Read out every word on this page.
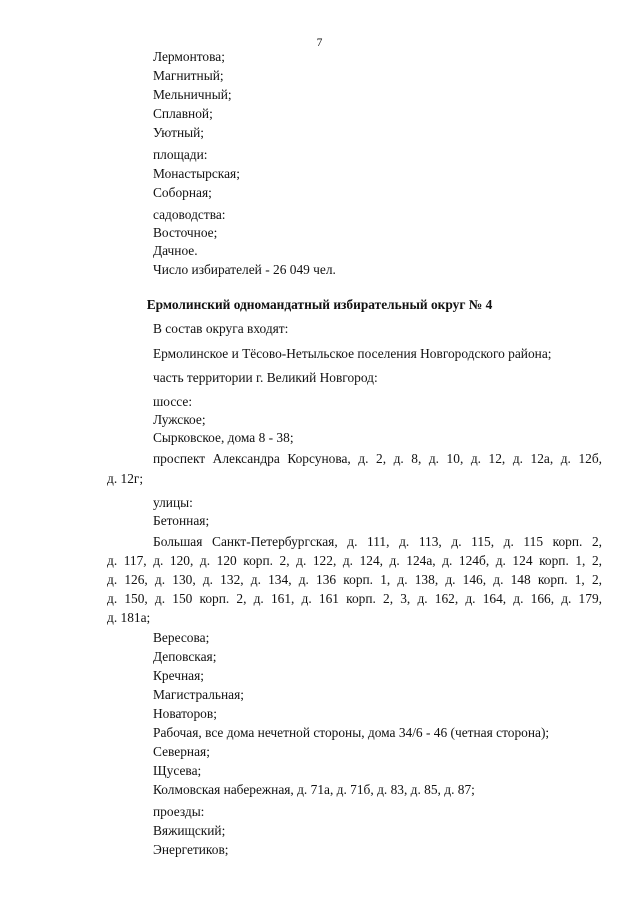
7
Лермонтова;
Магнитный;
Мельничный;
Сплавной;
Уютный;
площади:
Монастырская;
Соборная;
садоводства:
Восточное;
Дачное.
Число избирателей - 26 049 чел.
Ермолинский одномандатный избирательный округ № 4
В состав округа входят:
Ермолинское и Тёсово-Нетыльское поселения Новгородского района;
часть территории г. Великий Новгород:
шоссе:
Лужское;
Сырковское, дома 8 - 38;
проспект Александра Корсунова, д. 2, д. 8, д. 10, д. 12, д. 12а, д. 12б,
д. 12г;
улицы:
Бетонная;
Большая Санкт-Петербургская, д. 111, д. 113, д. 115, д. 115 корп. 2,
д. 117, д. 120, д. 120 корп. 2, д. 122, д. 124, д. 124а, д. 124б, д. 124 корп. 1, 2,
д. 126, д. 130, д. 132, д. 134, д. 136 корп. 1, д. 138, д. 146, д. 148 корп. 1, 2,
д. 150, д. 150 корп. 2, д. 161, д. 161 корп. 2, 3, д. 162, д. 164, д. 166, д. 179,
д. 181а;
Вересова;
Деповская;
Кречная;
Магистральная;
Новаторов;
Рабочая, все дома нечетной стороны, дома 34/6 - 46 (четная сторона);
Северная;
Щусева;
Колмовская набережная, д. 71а, д. 71б, д. 83, д. 85, д. 87;
проезды:
Вяжищский;
Энергетиков;
